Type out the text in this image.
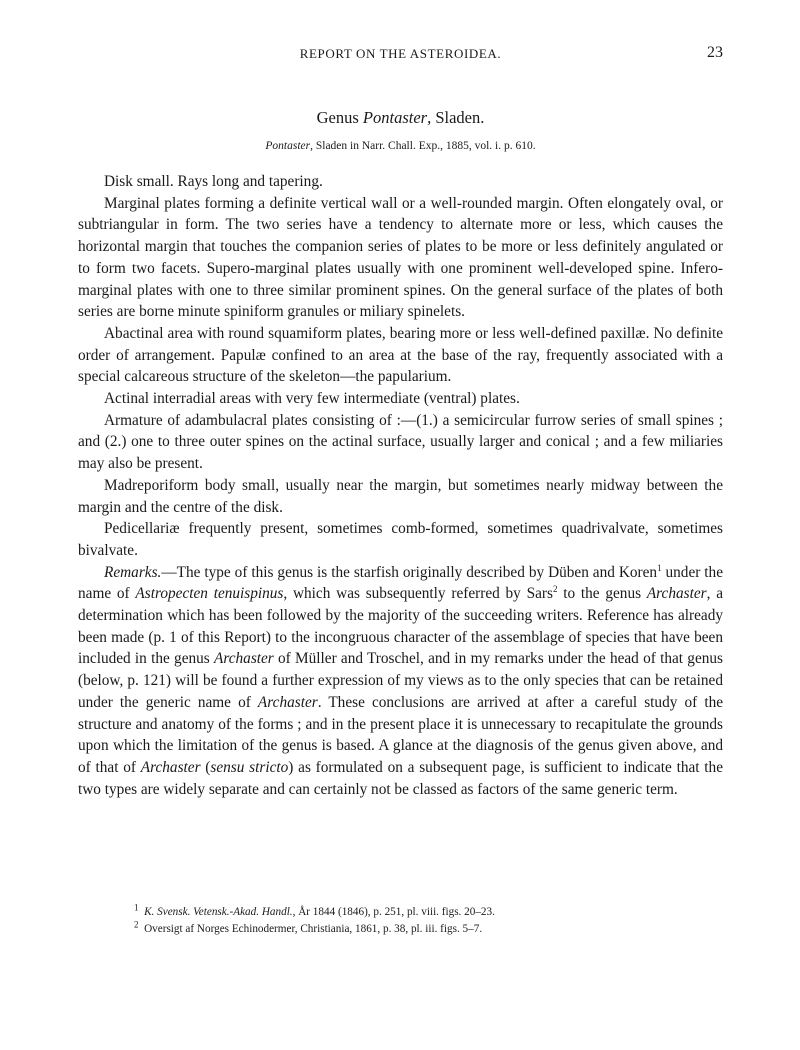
REPORT ON THE ASTEROIDEA.	23
Genus Pontaster, Sladen.
Pontaster, Sladen in Narr. Chall. Exp., 1885, vol. i. p. 610.

Disk small. Rays long and tapering.

Marginal plates forming a definite vertical wall or a well-rounded margin. Often elongately oval, or subtriangular in form. The two series have a tendency to alternate more or less, which causes the horizontal margin that touches the companion series of plates to be more or less definitely angulated or to form two facets. Supero-marginal plates usually with one prominent well-developed spine. Infero-marginal plates with one to three similar prominent spines. On the general surface of the plates of both series are borne minute spiniform granules or miliary spinelets.

Abactinal area with round squamiform plates, bearing more or less well-defined paxillæ. No definite order of arrangement. Papulæ confined to an area at the base of the ray, frequently associated with a special calcareous structure of the skeleton—the papularium.

Actinal interradial areas with very few intermediate (ventral) plates.

Armature of adambulacral plates consisting of :—(1.) a semicircular furrow series of small spines ; and (2.) one to three outer spines on the actinal surface, usually larger and conical ; and a few miliaries may also be present.

Madreporiform body small, usually near the margin, but sometimes nearly midway between the margin and the centre of the disk.

Pedicellariæ frequently present, sometimes comb-formed, sometimes quadrivalvate, sometimes bivalvate.

Remarks.—The type of this genus is the starfish originally described by Düben and Koren$^1$ under the name of Astropecten tenuispinus, which was subsequently referred by Sars$^2$ to the genus Archaster, a determination which has been followed by the majority of the succeeding writers. Reference has already been made (p. 1 of this Report) to the incongruous character of the assemblage of species that have been included in the genus Archaster of Müller and Troschel, and in my remarks under the head of that genus (below, p. 121) will be found a further expression of my views as to the only species that can be retained under the generic name of Archaster. These conclusions are arrived at after a careful study of the structure and anatomy of the forms ; and in the present place it is unnecessary to recapitulate the grounds upon which the limitation of the genus is based. A glance at the diagnosis of the genus given above, and of that of Archaster (sensu stricto) as formulated on a subsequent page, is sufficient to indicate that the two types are widely separate and can certainly not be classed as factors of the same generic term.

$^1$ K. Svensk. Vetensk.-Akad. Handl., År 1844 (1846), p. 251, pl. viii. figs. 20–23.

$^2$ Oversigt af Norges Echinodermer, Christiania, 1861, p. 38, pl. iii. figs. 5–7.
